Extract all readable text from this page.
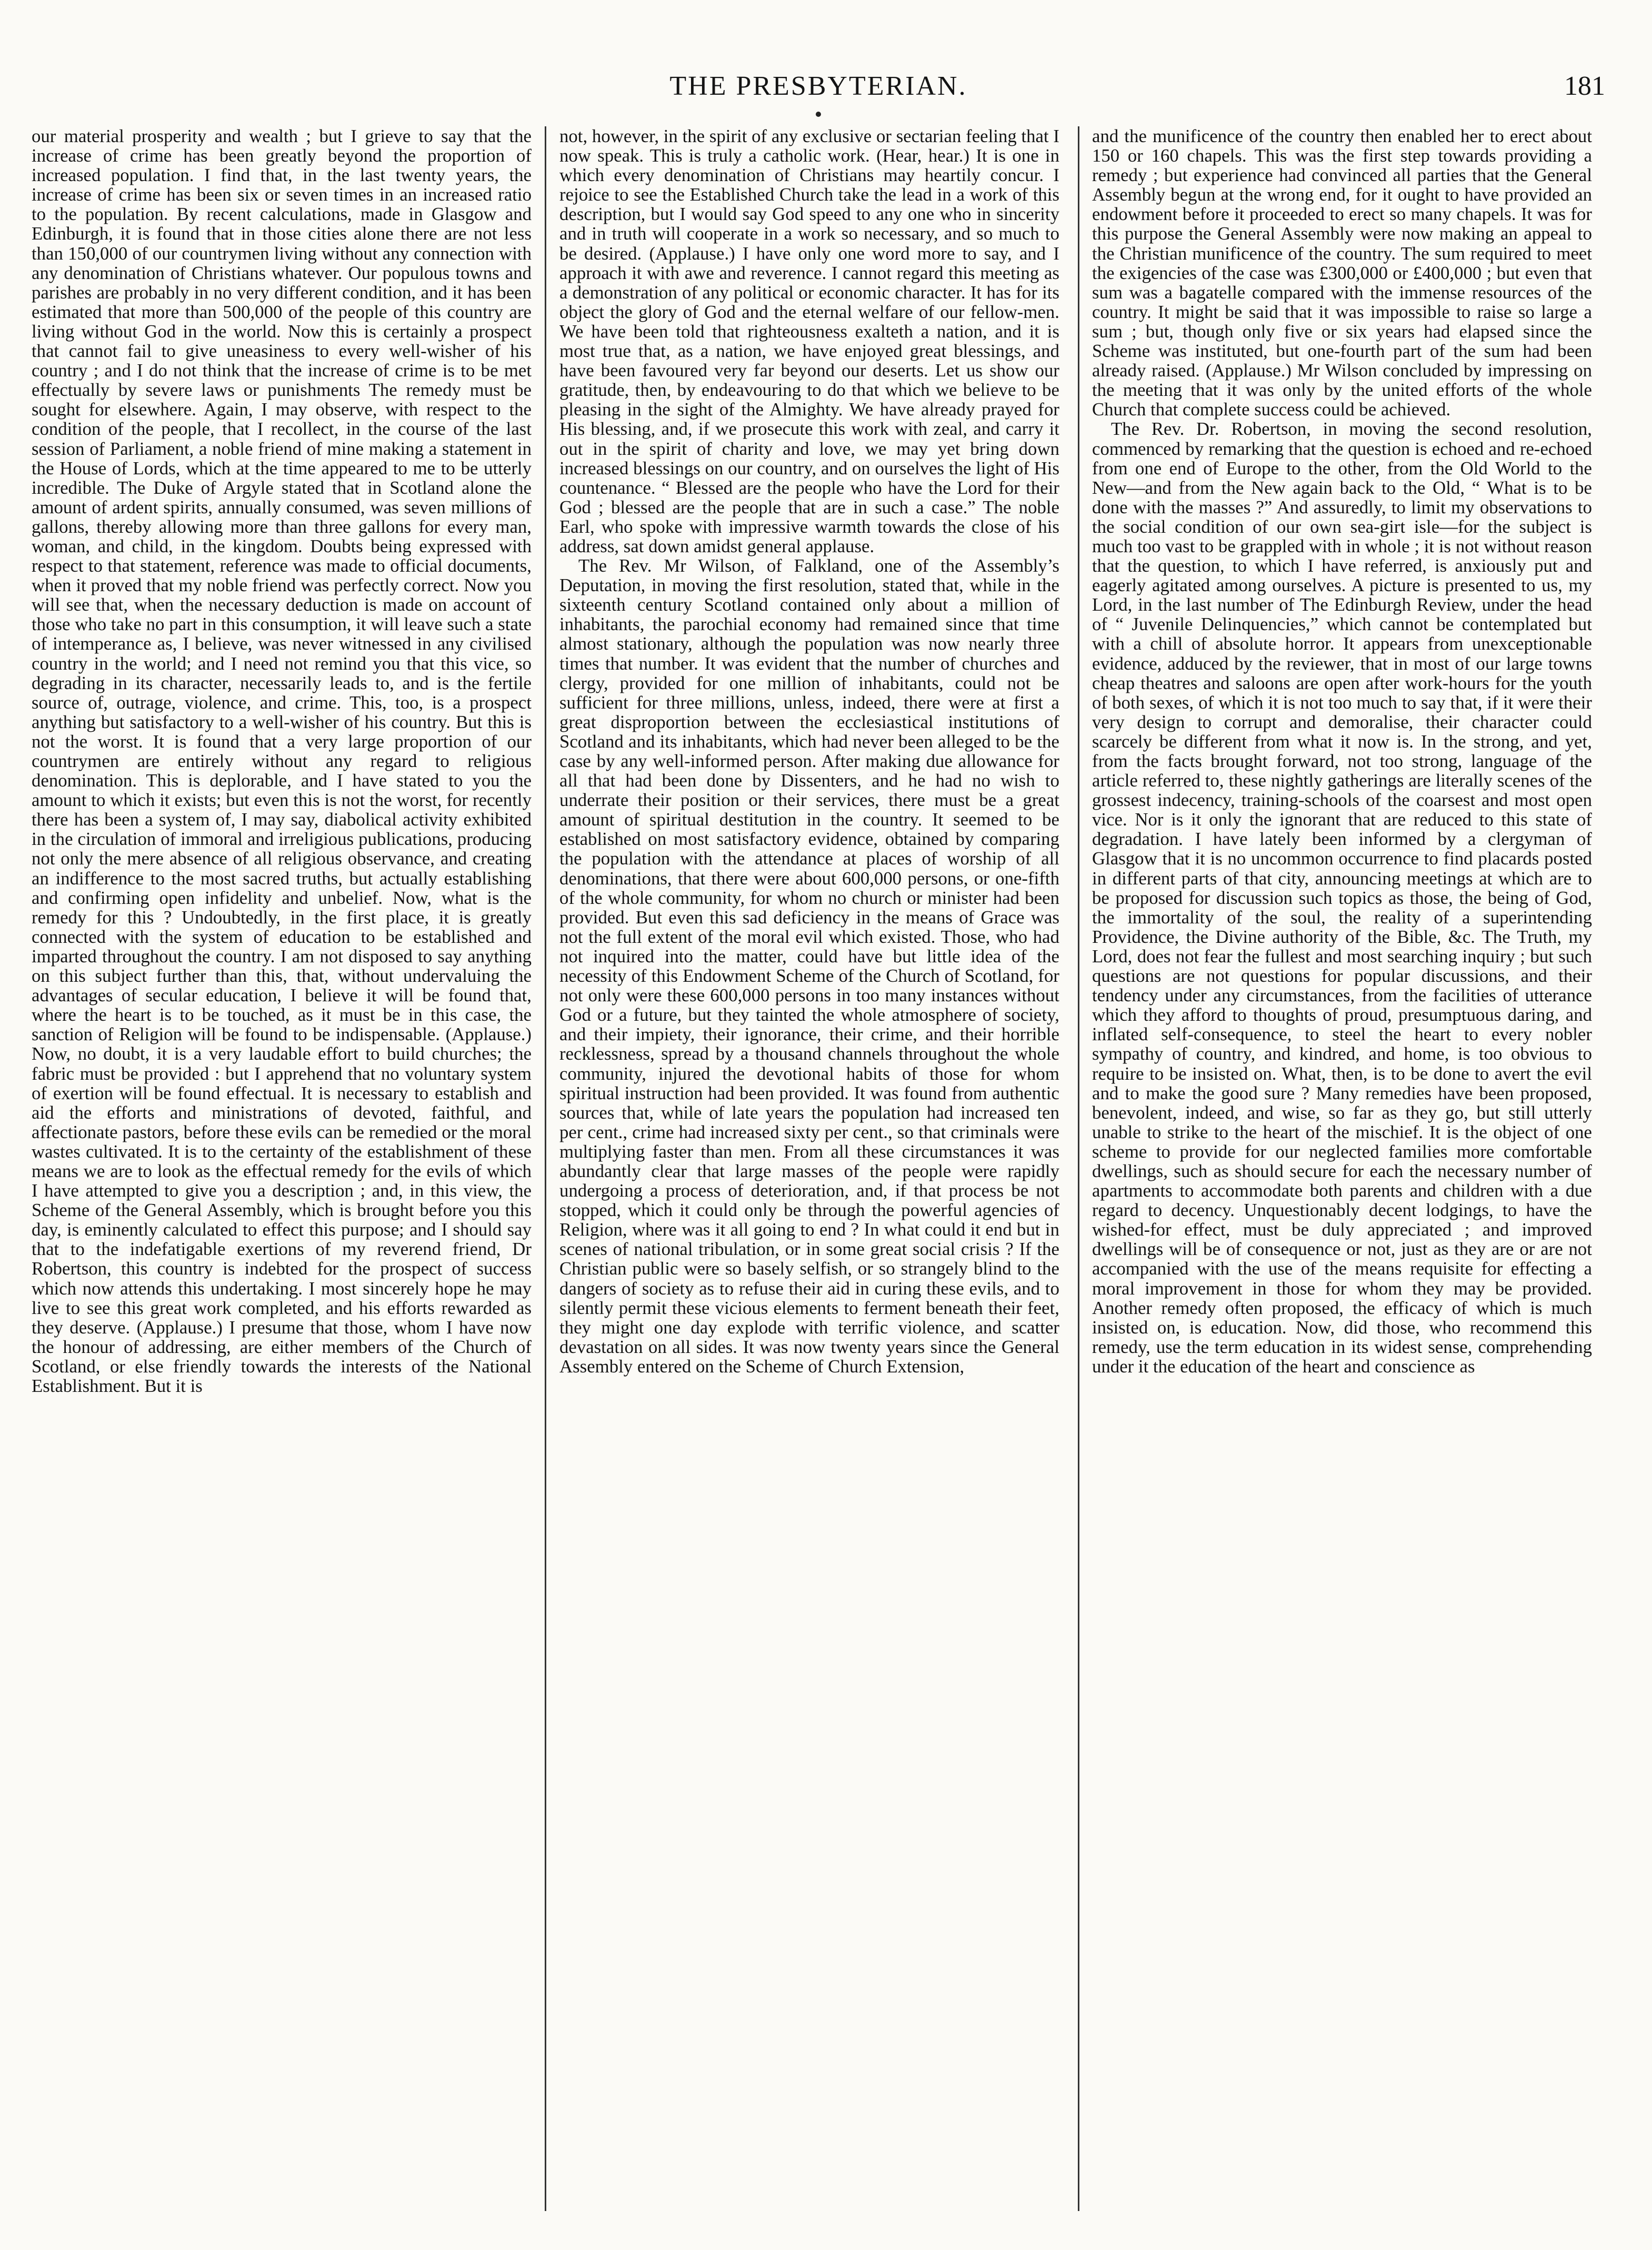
THE PRESBYTERIAN.	181

our material prosperity and wealth ; but I grieve to say that the increase of crime has been greatly beyond the proportion of increased population. I find that, in the last twenty years, the increase of crime has been six or seven times in an increased ratio to the population. By recent calculations, made in Glasgow and Edinburgh, it is found that in those cities alone there are not less than 150,000 of our countrymen living without any connection with any denomination of Christians whatever. Our populous towns and parishes are probably in no very different condition, and it has been estimated that more than 500,000 of the people of this country are living without God in the world. Now this is certainly a prospect that cannot fail to give uneasiness to every well-wisher of his country ; and I do not think that the increase of crime is to be met effectually by severe laws or punishments The remedy must be sought for elsewhere. Again, I may observe, with respect to the condition of the people, that I recollect, in the course of the last session of Parliament, a noble friend of mine making a statement in the House of Lords, which at the time appeared to me to be utterly incredible. The Duke of Argyle stated that in Scotland alone the amount of ardent spirits, annually consumed, was seven millions of gallons, thereby allowing more than three gallons for every man, woman, and child, in the kingdom. Doubts being expressed with respect to that statement, reference was made to official documents, when it proved that my noble friend was perfectly correct. Now you will see that, when the necessary deduction is made on account of those who take no part in this consumption, it will leave such a state of intemperance as, I believe, was never witnessed in any civilised country in the world; and I need not remind you that this vice, so degrading in its character, necessarily leads to, and is the fertile source of, outrage, violence, and crime. This, too, is a prospect anything but satisfactory to a well-wisher of his country. But this is not the worst. It is found that a very large proportion of our countrymen are entirely without any regard to religious denomination. This is deplorable, and I have stated to you the amount to which it exists; but even this is not the worst, for recently there has been a system of, I may say, diabolical activity exhibited in the circulation of immoral and irreligious publications, producing not only the mere absence of all religious observance, and creating an indifference to the most sacred truths, but actually establishing and confirming open infidelity and unbelief. Now, what is the remedy for this ? Undoubtedly, in the first place, it is greatly connected with the system of education to be established and imparted throughout the country. I am not disposed to say anything on this subject further than this, that, without undervaluing the advantages of secular education, I believe it will be found that, where the heart is to be touched, as it must be in this case, the sanction of Religion will be found to be indispensable. (Applause.) Now, no doubt, it is a very laudable effort to build churches; the fabric must be provided : but I apprehend that no voluntary system of exertion will be found effectual. It is necessary to establish and aid the efforts and ministrations of devoted, faithful, and affectionate pastors, before these evils can be remedied or the moral wastes cultivated. It is to the certainty of the establishment of these means we are to look as the effectual remedy for the evils of which I have attempted to give you a description ; and, in this view, the Scheme of the General Assembly, which is brought before you this day, is eminently calculated to effect this purpose; and I should say that to the indefatigable exertions of my reverend friend, Dr Robertson, this country is indebted for the prospect of success which now attends this undertaking. I most sincerely hope he may live to see this great work completed, and his efforts rewarded as they deserve. (Applause.) I presume that those, whom I have now the honour of addressing, are either members of the Church of Scotland, or else friendly towards the interests of the National Establishment. But it is

not, however, in the spirit of any exclusive or sectarian feeling that I now speak. This is truly a catholic work. (Hear, hear.) It is one in which every denomination of Christians may heartily concur. I rejoice to see the Established Church take the lead in a work of this description, but I would say God speed to any one who in sincerity and in truth will cooperate in a work so necessary, and so much to be desired. (Applause.) I have only one word more to say, and I approach it with awe and reverence. I cannot regard this meeting as a demonstration of any political or economic character. It has for its object the glory of God and the eternal welfare of our fellow-men. We have been told that righteousness exalteth a nation, and it is most true that, as a nation, we have enjoyed great blessings, and have been favoured very far beyond our deserts. Let us show our gratitude, then, by endeavouring to do that which we believe to be pleasing in the sight of the Almighty. We have already prayed for His blessing, and, if we prosecute this work with zeal, and carry it out in the spirit of charity and love, we may yet bring down increased blessings on our country, and on ourselves the light of His countenance. “ Blessed are the people who have the Lord for their God ; blessed are the people that are in such a case.” The noble Earl, who spoke with impressive warmth towards the close of his address, sat down amidst general applause.

The Rev. Mr Wilson, of Falkland, one of the Assembly’s Deputation, in moving the first resolution, stated that, while in the sixteenth century Scotland contained only about a million of inhabitants, the parochial economy had remained since that time almost stationary, although the population was now nearly three times that number. It was evident that the number of churches and clergy, provided for one million of inhabitants, could not be sufficient for three millions, unless, indeed, there were at first a great disproportion between the ecclesiastical institutions of Scotland and its inhabitants, which had never been alleged to be the case by any well-informed person. After making due allowance for all that had been done by Dissenters, and he had no wish to underrate their position or their services, there must be a great amount of spiritual destitution in the country. It seemed to be established on most satisfactory evidence, obtained by comparing the population with the attendance at places of worship of all denominations, that there were about 600,000 persons, or one-fifth of the whole community, for whom no church or minister had been provided. But even this sad deficiency in the means of Grace was not the full extent of the moral evil which existed. Those, who had not inquired into the matter, could have but little idea of the necessity of this Endowment Scheme of the Church of Scotland, for not only were these 600,000 persons in too many instances without God or a future, but they tainted the whole atmosphere of society, and their impiety, their ignorance, their crime, and their horrible recklessness, spread by a thousand channels throughout the whole community, injured the devotional habits of those for whom spiritual instruction had been provided. It was found from authentic sources that, while of late years the population had increased ten per cent., crime had increased sixty per cent., so that criminals were multiplying faster than men. From all these circumstances it was abundantly clear that large masses of the people were rapidly undergoing a process of deterioration, and, if that process be not stopped, which it could only be through the powerful agencies of Religion, where was it all going to end ? In what could it end but in scenes of national tribulation, or in some great social crisis ? If the Christian public were so basely selfish, or so strangely blind to the dangers of society as to refuse their aid in curing these evils, and to silently permit these vicious elements to ferment beneath their feet, they might one day explode with terrific violence, and scatter devastation on all sides. It was now twenty years since the General Assembly entered on the Scheme of Church Extension,

and the munificence of the country then enabled her to erect about 150 or 160 chapels. This was the first step towards providing a remedy ; but experience had convinced all parties that the General Assembly begun at the wrong end, for it ought to have provided an endowment before it proceeded to erect so many chapels. It was for this purpose the General Assembly were now making an appeal to the Christian munificence of the country. The sum required to meet the exigencies of the case was £300,000 or £400,000 ; but even that sum was a bagatelle compared with the immense resources of the country. It might be said that it was impossible to raise so large a sum ; but, though only five or six years had elapsed since the Scheme was instituted, but one-fourth part of the sum had been already raised. (Applause.) Mr Wilson concluded by impressing on the meeting that it was only by the united efforts of the whole Church that complete success could be achieved.

The Rev. Dr. Robertson, in moving the second resolution, commenced by remarking that the question is echoed and re-echoed from one end of Europe to the other, from the Old World to the New—and from the New again back to the Old, “ What is to be done with the masses ?” And assuredly, to limit my observations to the social condition of our own sea-girt isle—for the subject is much too vast to be grappled with in whole ; it is not without reason that the question, to which I have referred, is anxiously put and eagerly agitated among ourselves. A picture is presented to us, my Lord, in the last number of The Edinburgh Review, under the head of “ Juvenile Delinquencies,” which cannot be contemplated but with a chill of absolute horror. It appears from unexceptionable evidence, adduced by the reviewer, that in most of our large towns cheap theatres and saloons are open after work-hours for the youth of both sexes, of which it is not too much to say that, if it were their very design to corrupt and demoralise, their character could scarcely be different from what it now is. In the strong, and yet, from the facts brought forward, not too strong, language of the article referred to, these nightly gatherings are literally scenes of the grossest indecency, training-schools of the coarsest and most open vice. Nor is it only the ignorant that are reduced to this state of degradation. I have lately been informed by a clergyman of Glasgow that it is no uncommon occurrence to find placards posted in different parts of that city, announcing meetings at which are to be proposed for discussion such topics as those, the being of God, the immortality of the soul, the reality of a superintending Providence, the Divine authority of the Bible, &c. The Truth, my Lord, does not fear the fullest and most searching inquiry ; but such questions are not questions for popular discussions, and their tendency under any circumstances, from the facilities of utterance which they afford to thoughts of proud, presumptuous daring, and inflated self-consequence, to steel the heart to every nobler sympathy of country, and kindred, and home, is too obvious to require to be insisted on. What, then, is to be done to avert the evil and to make the good sure ? Many remedies have been proposed, benevolent, indeed, and wise, so far as they go, but still utterly unable to strike to the heart of the mischief. It is the object of one scheme to provide for our neglected families more comfortable dwellings, such as should secure for each the necessary number of apartments to accommodate both parents and children with a due regard to decency. Unquestionably decent lodgings, to have the wished-for effect, must be duly appreciated ; and improved dwellings will be of consequence or not, just as they are or are not accompanied with the use of the means requisite for effecting a moral improvement in those for whom they may be provided. Another remedy often proposed, the efficacy of which is much insisted on, is education. Now, did those, who recommend this remedy, use the term education in its widest sense, comprehending under it the education of the heart and conscience as
